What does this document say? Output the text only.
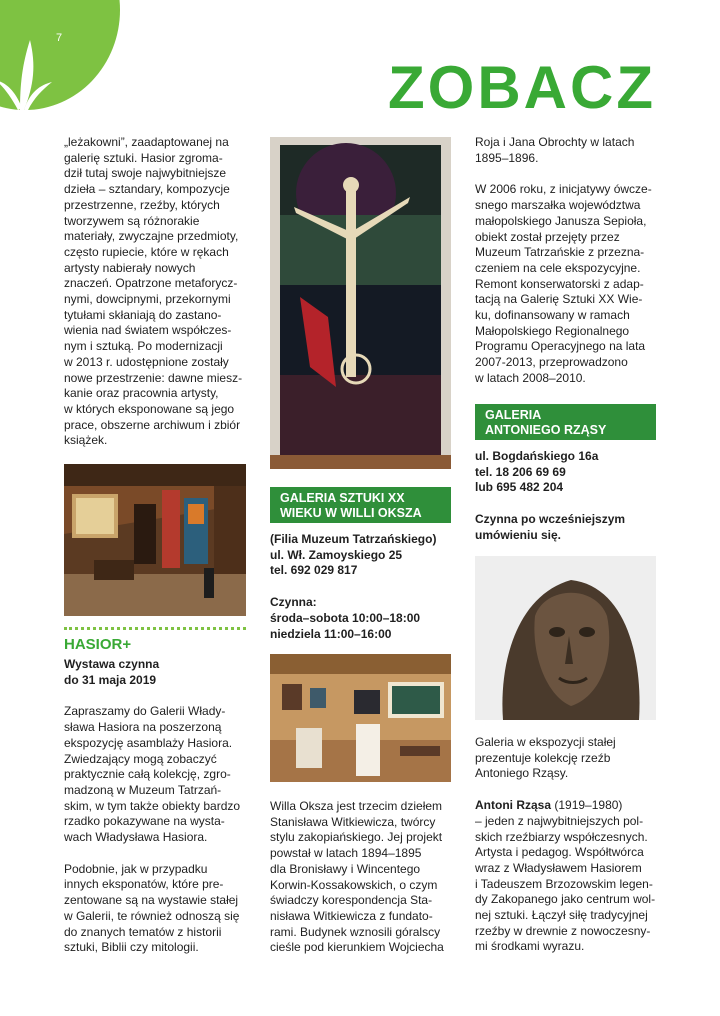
7
ZOBACZ

„leżakowni”, zaadaptowanej na
galerię sztuki. Hasior zgroma-
dził tutaj swoje najwybitniejsze
dzieła – sztandary, kompozycje
przestrzenne, rzeźby, których
tworzywem są różnorakie
materiały, zwyczajne przedmioty,
często rupiecie, które w rękach
artysty nabierały nowych
znaczeń. Opatrzone metaforycz-
nymi, dowcipnymi, przekornymi
tytułami skłaniają do zastano-
wienia nad światem współczes-
nym i sztuką. Po modernizacji
w 2013 r. udostępnione zostały
nowe przestrzenie: dawne miesz-
kanie oraz pracownia artysty,
w których eksponowane są jego
prace, obszerne archiwum i zbiór
książek.

HASIOR+

Wystawa czynna
do 31 maja 2019

Zapraszamy do Galerii Włady-
sława Hasiora na poszerzoną
ekspozycję asamblaży Hasiora.
Zwiedzający mogą zobaczyć
praktycznie całą kolekcję, zgro-
madzoną w Muzeum Tatrzań-
skim, w tym także obiekty bardzo
rzadko pokazywane na wysta-
wach Władysława Hasiora.

Podobnie, jak w przypadku
innych eksponatów, które pre-
zentowane są na wystawie stałej
w Galerii, te również odnoszą się
do znanych tematów z historii
sztuki, Biblii czy mitologii.

GALERIA SZTUKI XX
WIEKU W WILLI OKSZA

(Filia Muzeum Tatrzańskiego)
ul. Wł. Zamoyskiego 25
tel. 692 029 817

Czynna:
środa–sobota 10:00–18:00
niedziela 11:00–16:00

Willa Oksza jest trzecim dziełem
Stanisława Witkiewicza, twórcy
stylu zakopiańskiego. Jej projekt
powstał w latach 1894–1895
dla Bronisławy i Wincentego
Korwin-Kossakowskich, o czym
świadczy korespondencja Sta-
nisława Witkiewicza z fundato-
rami. Budynek wznosili góralscy
cieśle pod kierunkiem Wojciecha

Roja i Jana Obrochty w latach
1895–1896.

W 2006 roku, z inicjatywy ówcze-
snego marszałka województwa
małopolskiego Janusza Sepioła,
obiekt został przejęty przez
Muzeum Tatrzańskie z przezna-
czeniem na cele ekspozycyjne.
Remont konserwatorski z adap-
tacją na Galerię Sztuki XX Wie-
ku, dofinansowany w ramach
Małopolskiego Regionalnego
Programu Operacyjnego na lata
2007-2013, przeprowadzono
w latach 2008–2010.

GALERIA
ANTONIEGO RZĄSY

ul. Bogdańskiego 16a
tel. 18 206 69 69
lub 695 482 204

Czynna po wcześniejszym
umówieniu się.

Galeria w ekspozycji stałej
prezentuje kolekcję rzeźb
Antoniego Rząsy.

Antoni Rząsa (1919–1980)
– jeden z najwybitniejszych pol-
skich rzeźbiarzy współczesnych.
Artysta i pedagog. Współtwórca
wraz z Władysławem Hasiorem
i Tadeuszem Brzozowskim legen-
dy Zakopanego jako centrum wol-
nej sztuki. Łączył siłę tradycyjnej
rzeźby w drewnie z nowoczesny-
mi środkami wyrazu.
